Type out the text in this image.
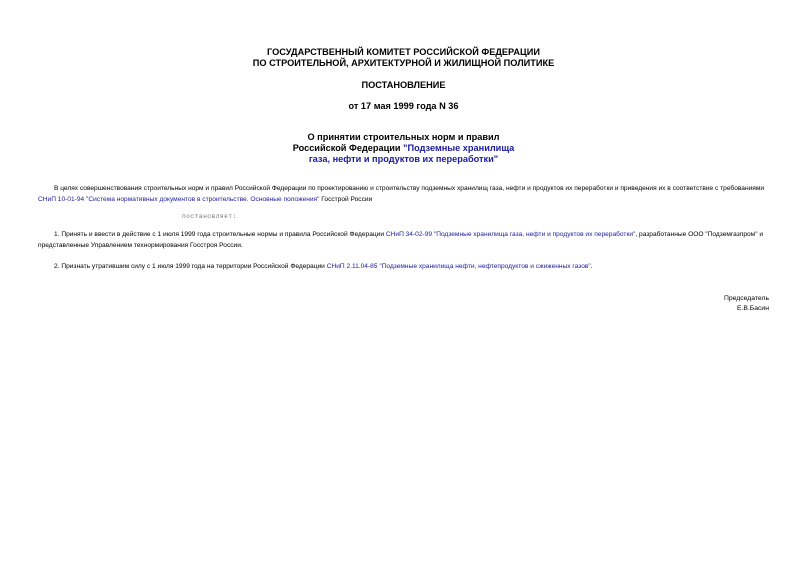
ГОСУДАРСТВЕННЫЙ КОМИТЕТ РОССИЙСКОЙ ФЕДЕРАЦИИ
ПО СТРОИТЕЛЬНОЙ, АРХИТЕКТУРНОЙ И ЖИЛИЩНОЙ ПОЛИТИКЕ
ПОСТАНОВЛЕНИЕ
от 17 мая 1999 года N 36
О принятии строительных норм и правил
Российской Федерации "Подземные хранилища
газа, нефти и продуктов их переработки"
В целях совершенствования строительных норм и правил Российской Федерации по проектированию и строительству подземных хранилищ газа, нефти и продуктов их переработки и приведения их в соответствие с требованиями СНиП 10-01-94 "Система нормативных документов в строительстве. Основные положения" Госстрой России
постановляет:
1. Принять и ввести в действие с 1 июля 1999 года строительные нормы и правила Российской Федерации СНиП 34-02-99 "Подземные хранилища газа, нефти и продуктов их переработки", разработанные ООО "Подземгазпром" и представленные Управлением технормирования Госстроя России.
2. Признать утратившим силу с 1 июля 1999 года на территории Российской Федерации СНиП 2.11.04-85 "Подземные хранилища нефти, нефтепродуктов и сжиженных газов".
Председатель
Е.В.Басин
